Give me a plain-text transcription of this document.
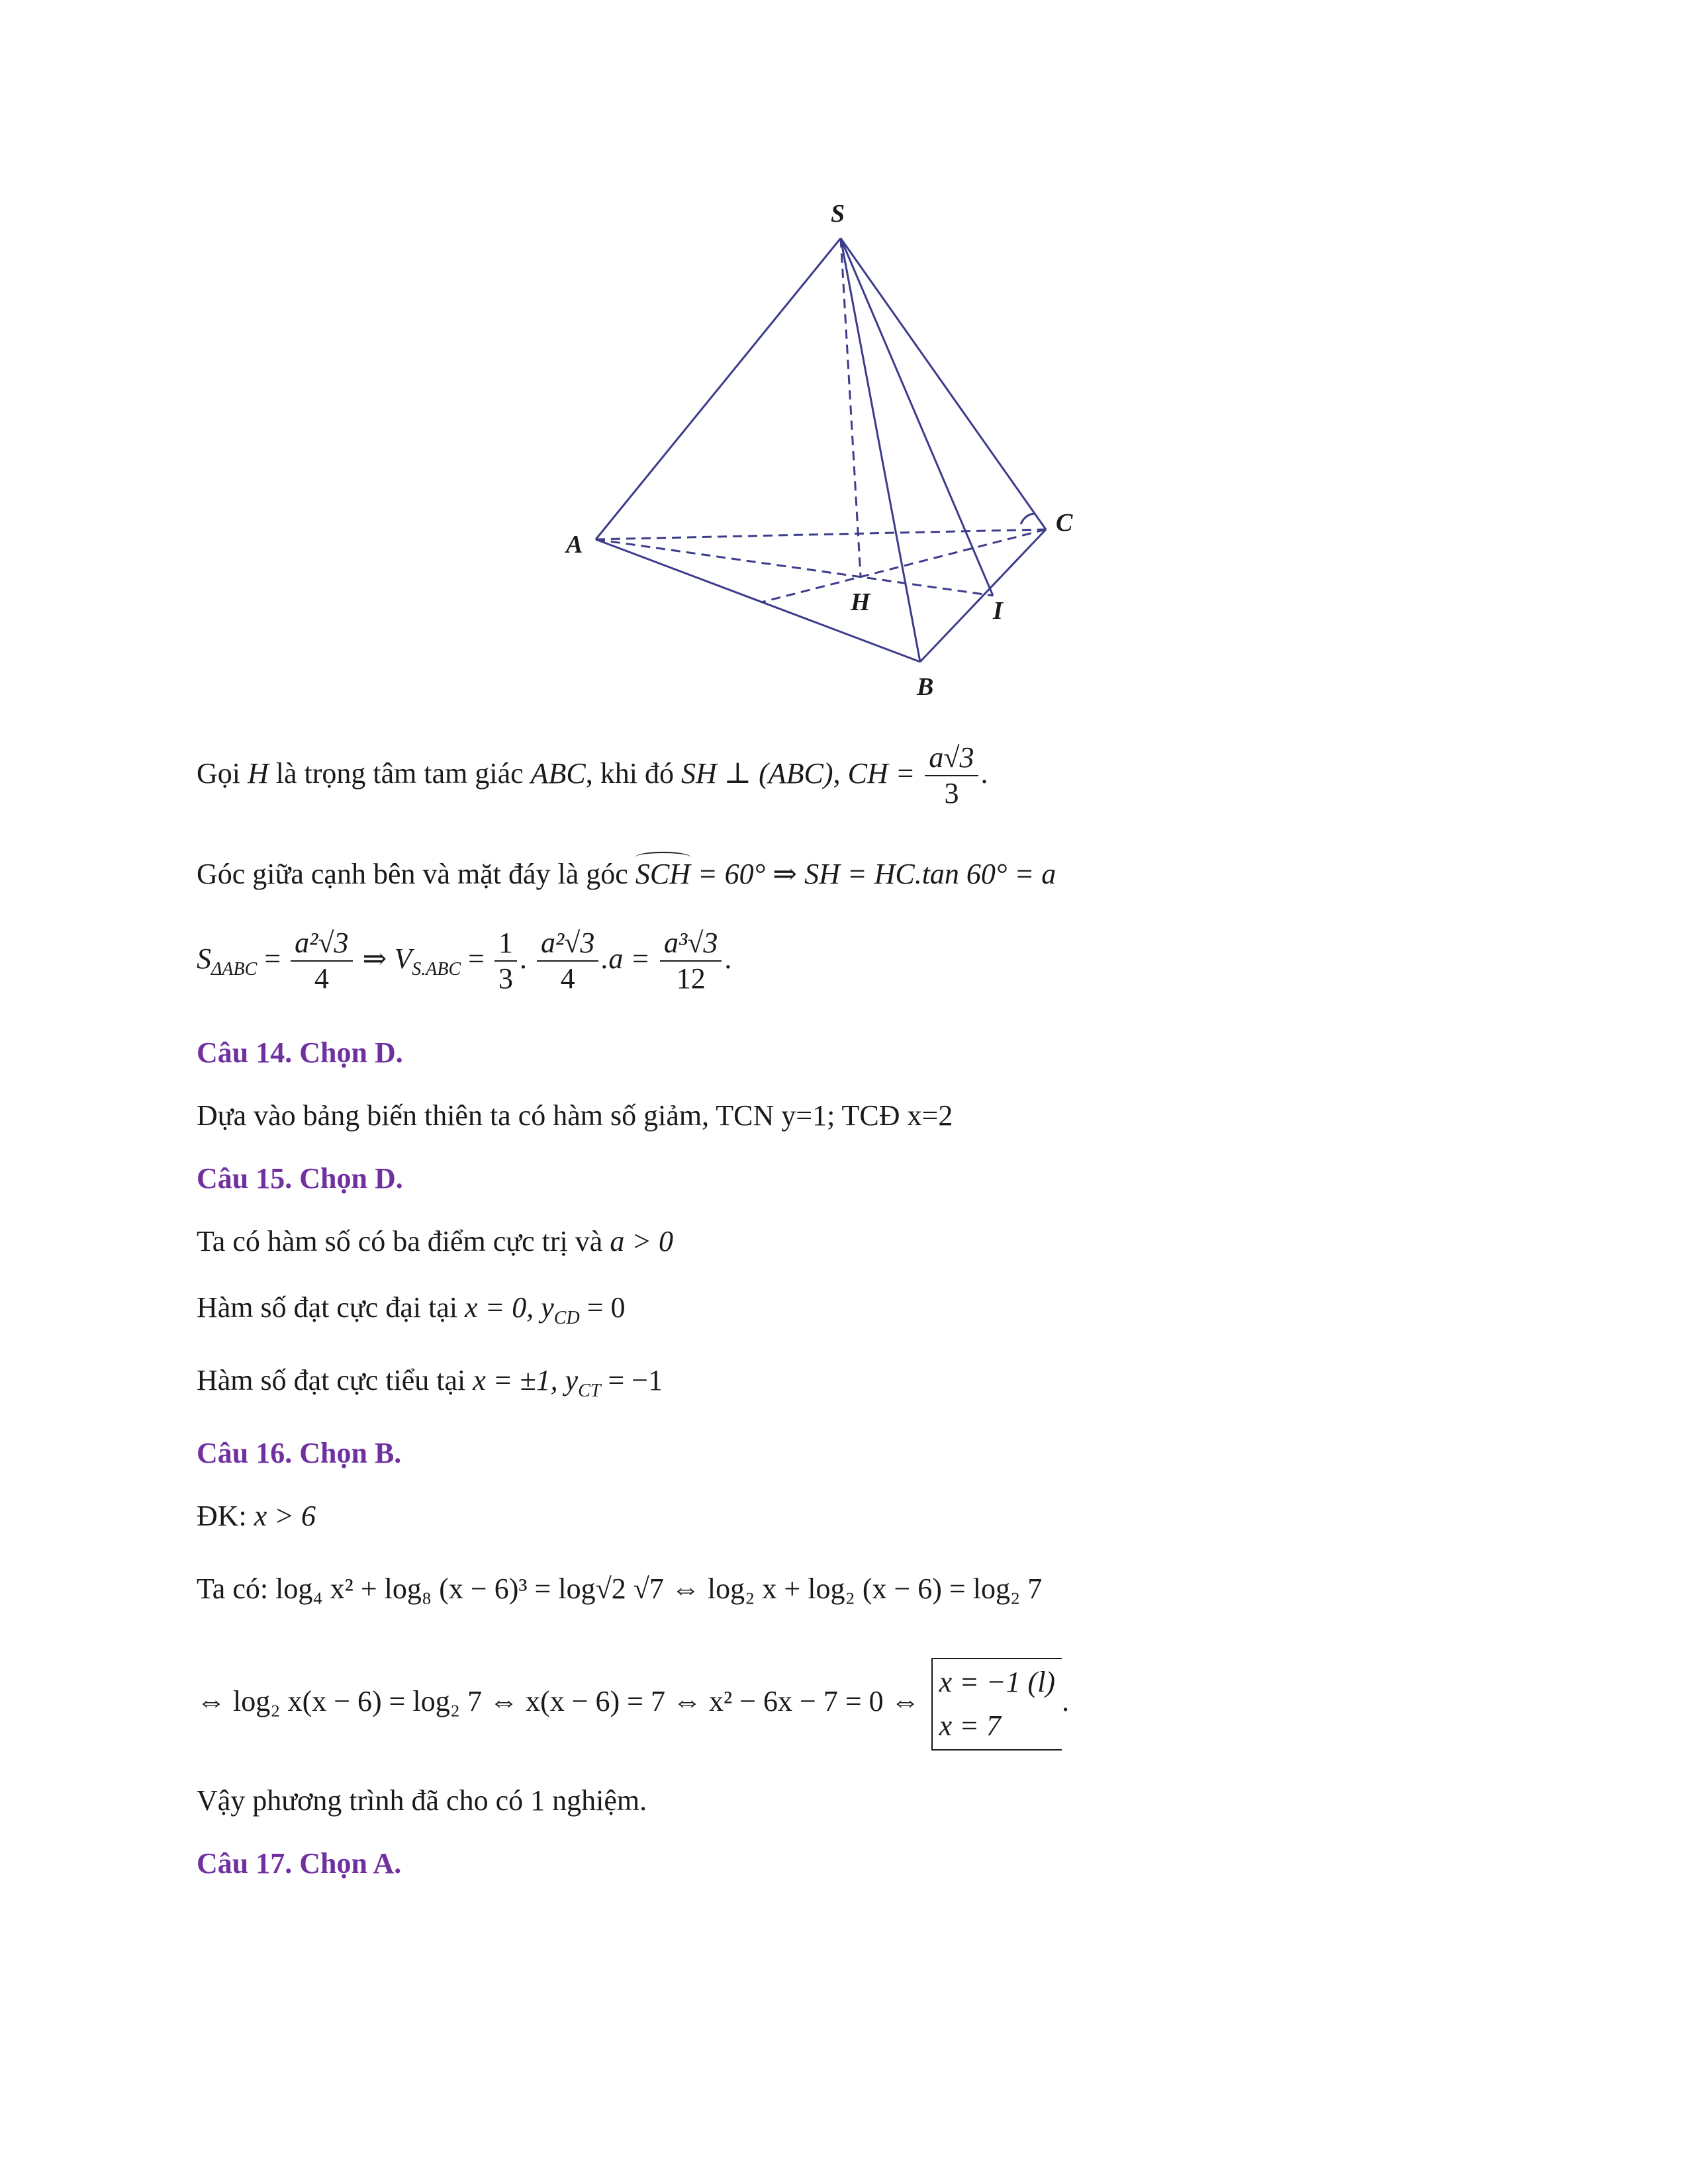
S
A
B
C
H	I
Gọi H là trọng tâm tam giác ABC, khi đó SH ⊥ (ABC), CH = $\frac{a√3}{3}$ .
Góc giữa cạnh bên và mặt đáy là góc SCH = 60° ⇒ SH = HC.tan 60° = a
$S_{\Delta ABC} = \frac{\text{a²√3}}{4}$ ⇒ $V_{S.ABC} = \frac{1}{3}$ . $\frac{\text{a²√3}}{4} .a = \frac{\text{a³√3}}{12}$ .
Câu 14. Chọn D.
Dựa vào bảng biến thiên ta có hàm số giảm, TCN y=1; TCĐ x=2
Câu 15. Chọn D.
Ta có hàm số có ba điểm cực trị và a > 0
Hàm số đạt cực đại tại x = 0, $y_{CD} = 0$
Hàm số đạt cực tiểu tại x = ±1, $y_{CT} = -1$
Câu 16. Chọn B.
ĐK: x > 6
Ta có: log₄ x² + log₈ (x − 6)³ = log√2 √7 ⇔ log₂ x + log₂ (x − 6) = log₂ 7
⇔ log₂ x(x − 6) = log₂ 7 ⇔ x(x − 6) = 7 ⇔ x² − 6x − 7 = 0 ⇔
x = −1 (l)
x = 7
.
Vậy phương trình đã cho có 1 nghiệm.
Câu 17. Chọn A.
